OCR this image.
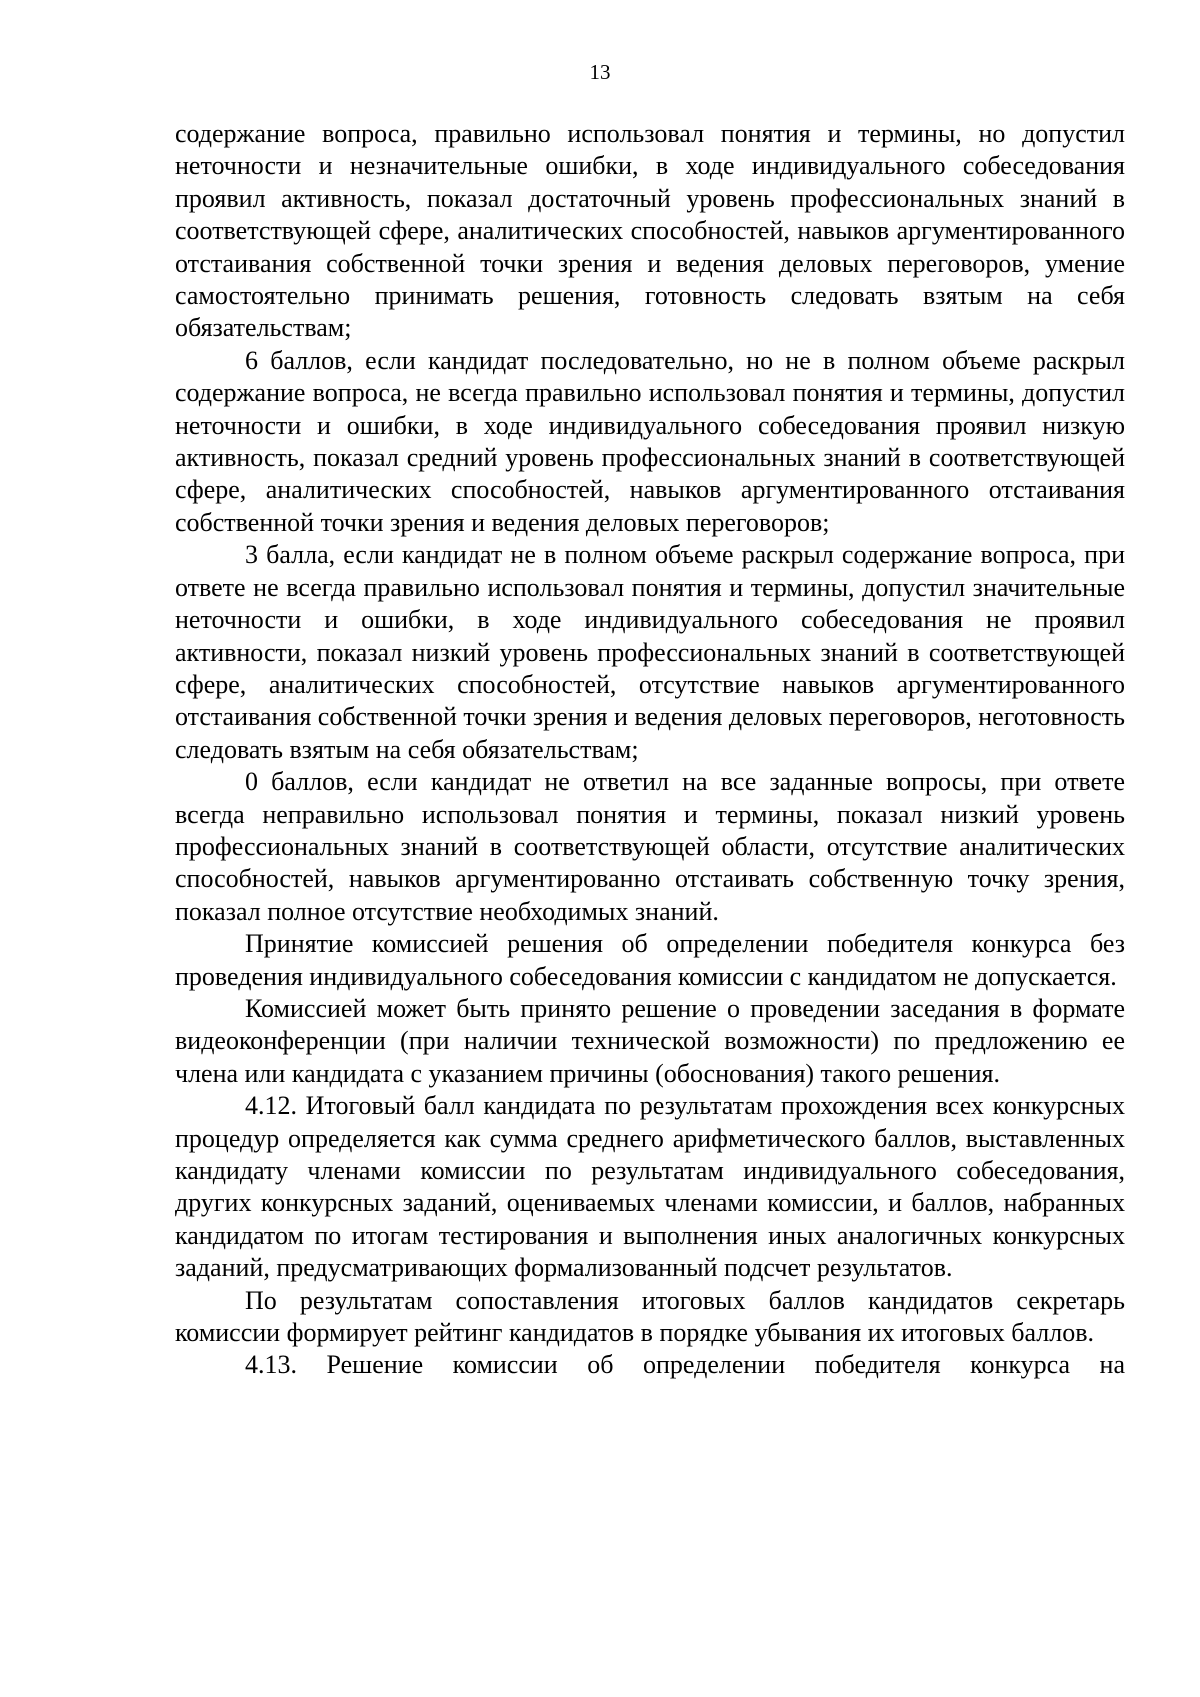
13

содержание вопроса, правильно использовал понятия и термины, но допустил неточности и незначительные ошибки, в ходе индивидуального собеседования проявил активность, показал достаточный уровень профессиональных знаний в соответствующей сфере, аналитических способностей, навыков аргументированного отстаивания собственной точки зрения и ведения деловых переговоров, умение самостоятельно принимать решения, готовность следовать взятым на себя обязательствам;

6 баллов, если кандидат последовательно, но не в полном объеме раскрыл содержание вопроса, не всегда правильно использовал понятия и термины, допустил неточности и ошибки, в ходе индивидуального собеседования проявил низкую активность, показал средний уровень профессиональных знаний в соответствующей сфере, аналитических способностей, навыков аргументированного отстаивания собственной точки зрения и ведения деловых переговоров;

3 балла, если кандидат не в полном объеме раскрыл содержание вопроса, при ответе не всегда правильно использовал понятия и термины, допустил значительные неточности и ошибки, в ходе индивидуального собеседования не проявил активности, показал низкий уровень профессиональных знаний в соответствующей сфере, аналитических способностей, отсутствие навыков аргументированного отстаивания собственной точки зрения и ведения деловых переговоров, неготовность следовать взятым на себя обязательствам;

0 баллов, если кандидат не ответил на все заданные вопросы, при ответе всегда неправильно использовал понятия и термины, показал низкий уровень профессиональных знаний в соответствующей области, отсутствие аналитических способностей, навыков аргументированно отстаивать собственную точку зрения, показал полное отсутствие необходимых знаний.

Принятие комиссией решения об определении победителя конкурса без проведения индивидуального собеседования комиссии с кандидатом не допускается.

Комиссией может быть принято решение о проведении заседания в формате видеоконференции (при наличии технической возможности) по предложению ее члена или кандидата с указанием причины (обоснования) такого решения.

4.12. Итоговый балл кандидата по результатам прохождения всех конкурсных процедур определяется как сумма среднего арифметического баллов, выставленных кандидату членами комиссии по результатам индивидуального собеседования, других конкурсных заданий, оцениваемых членами комиссии, и баллов, набранных кандидатом по итогам тестирования и выполнения иных аналогичных конкурсных заданий, предусматривающих формализованный подсчет результатов.

По результатам сопоставления итоговых баллов кандидатов секретарь комиссии формирует рейтинг кандидатов в порядке убывания их итоговых баллов.

4.13. Решение комиссии об определении победителя конкурса на
